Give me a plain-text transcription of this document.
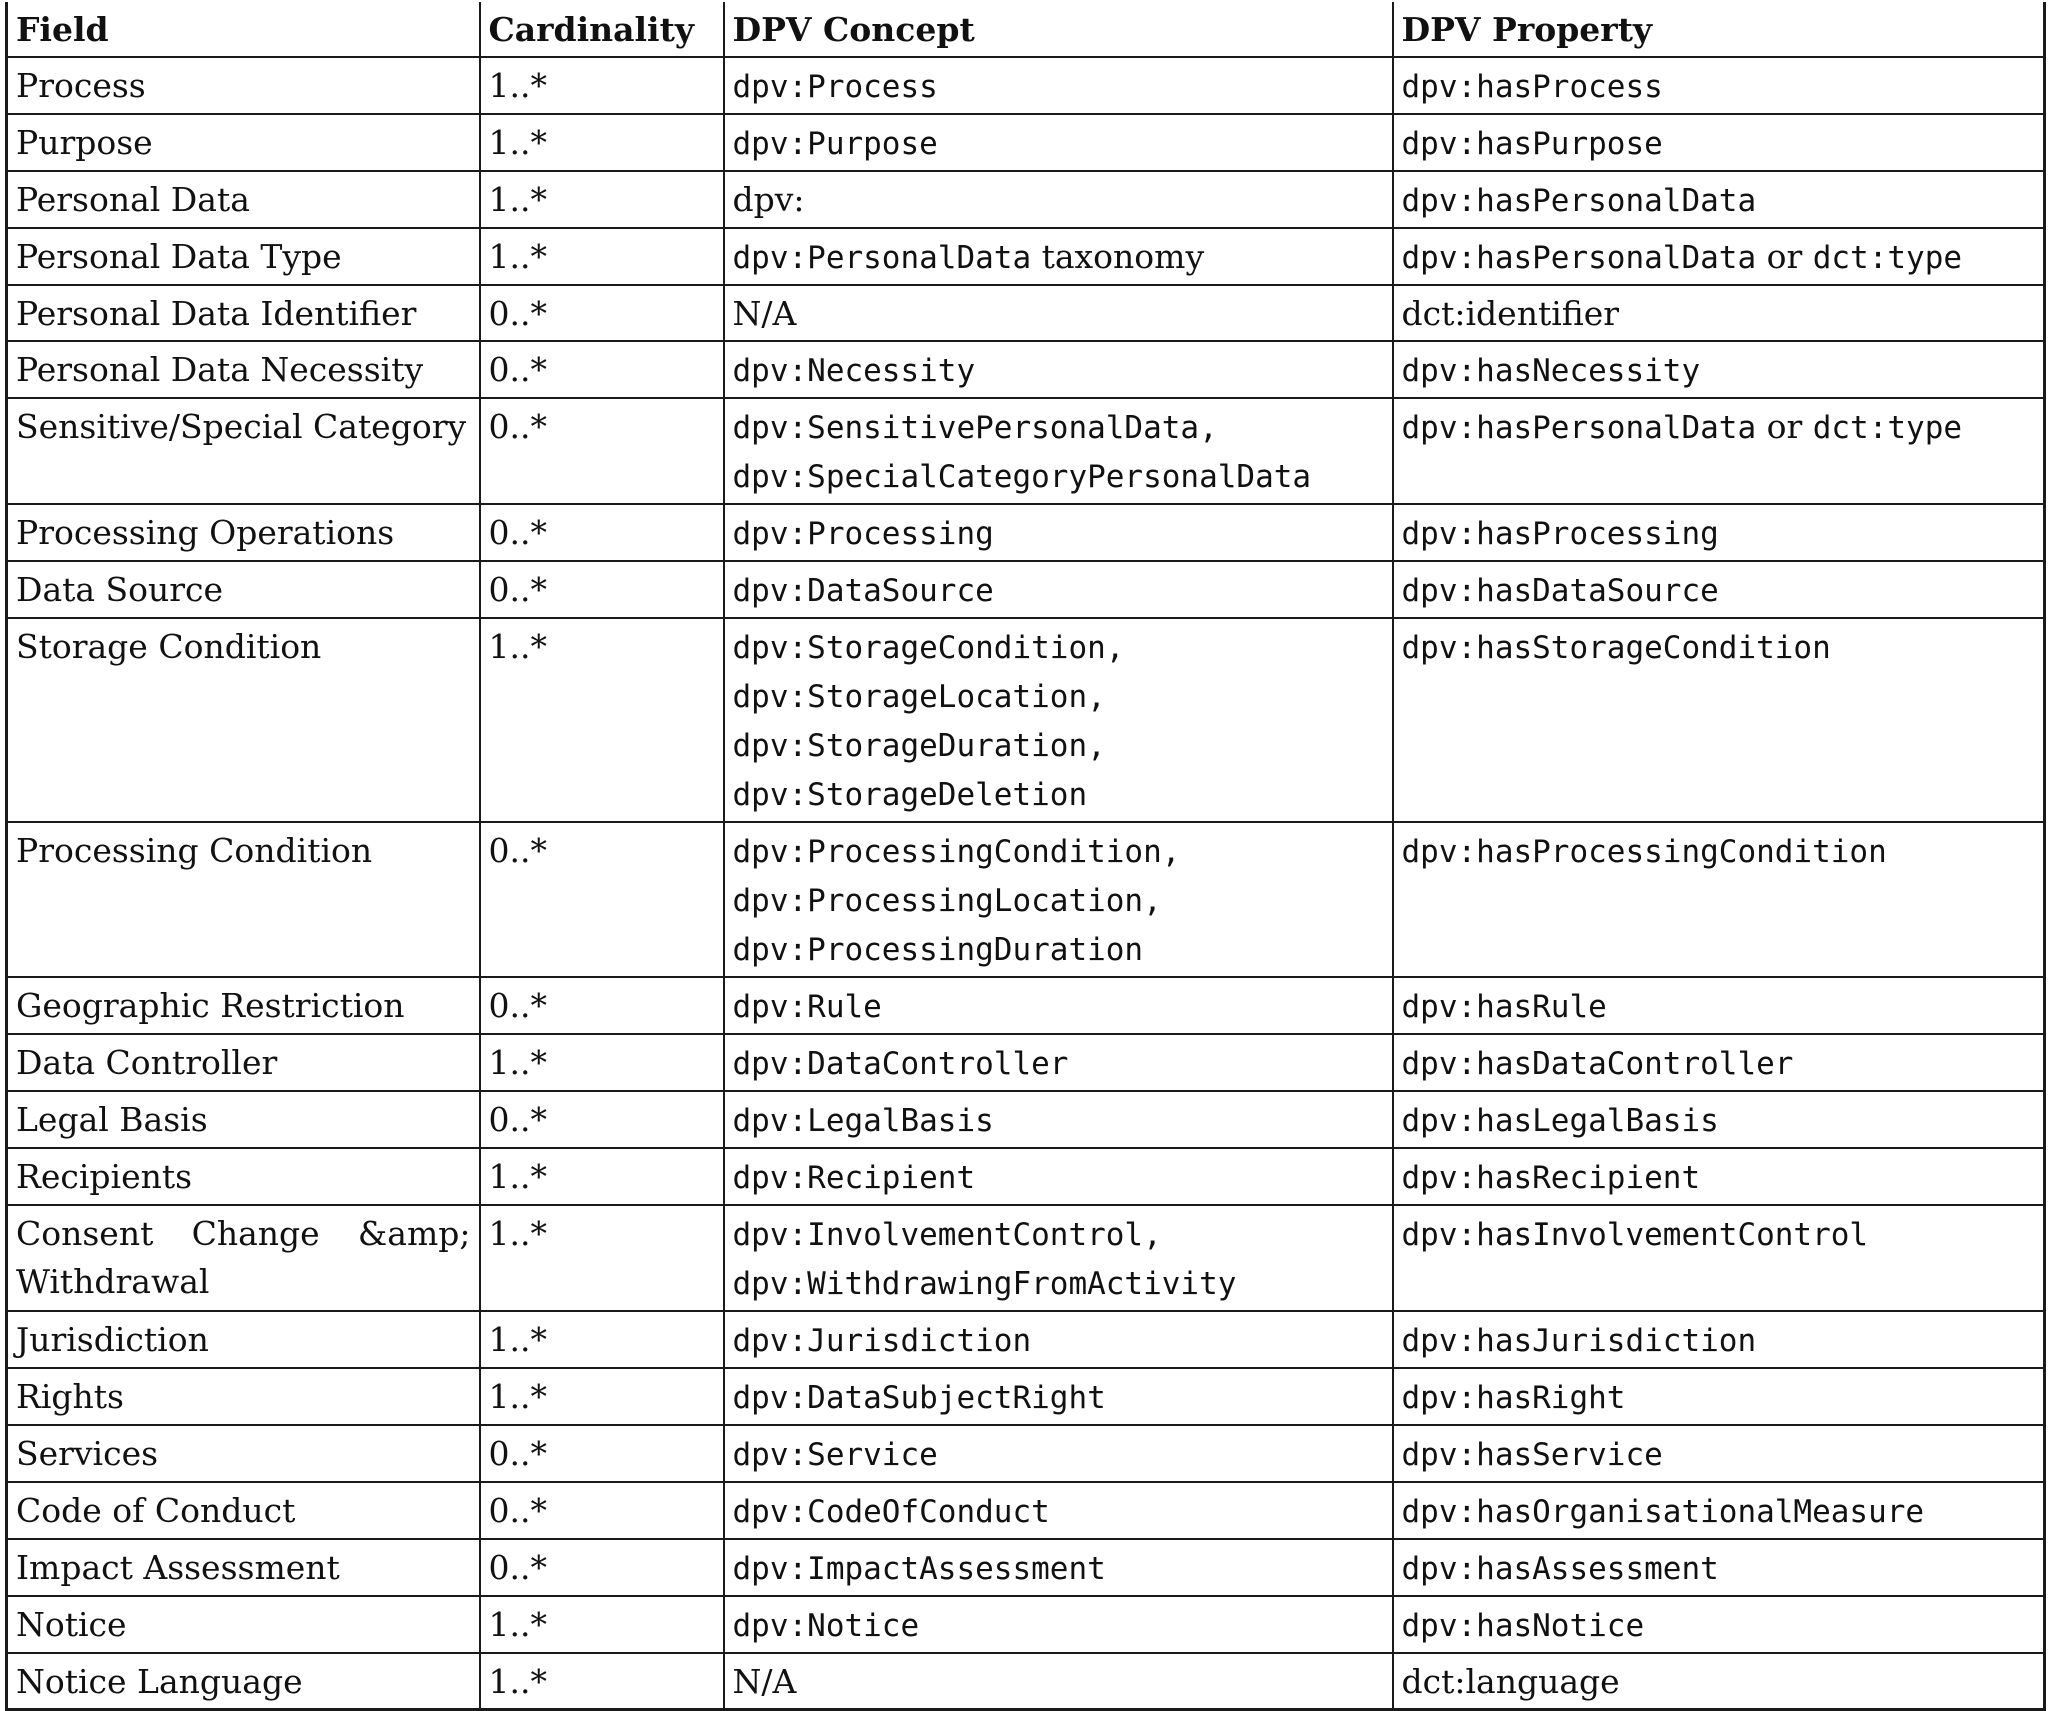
Field	Cardinality	DPV Concept	DPV Property
Process	1..*	dpv:Process	dpv:hasProcess

Purpose	1..*	dpv:Purpose	dpv:hasPurpose

Personal Data	1..*	dpv:	dpv:hasPersonalData

Personal Data Type	1..*	dpv:PersonalData taxonomy	dpv:hasPersonalData or dct:type

Personal Data Identifier	0..*	N/A	dct:identifier

Personal Data Necessity	0..*	dpv:Necessity	dpv:hasNecessity

Sensitive/Special Category	0..*	dpv:SensitivePersonalData,
dpv:SpecialCategoryPersonalData	dpv:hasPersonalData or dct:type

Processing Operations	0..*	dpv:Processing	dpv:hasProcessing

Data Source	0..*	dpv:DataSource	dpv:hasDataSource

Storage Condition	1..*	dpv:StorageCondition,
dpv:StorageLocation,
dpv:StorageDuration,
dpv:StorageDeletion	dpv:hasStorageCondition

Processing Condition	0..*	dpv:ProcessingCondition,
dpv:ProcessingLocation,
dpv:ProcessingDuration	dpv:hasProcessingCondition

Geographic Restriction	0..*	dpv:Rule	dpv:hasRule

Data Controller	1..*	dpv:DataController	dpv:hasDataController

Legal Basis	0..*	dpv:LegalBasis	dpv:hasLegalBasis

Recipients	1..*	dpv:Recipient	dpv:hasRecipient

Consent Change &amp; Withdrawal	1..*	dpv:InvolvementControl,
dpv:WithdrawingFromActivity	dpv:hasInvolvementControl

Jurisdiction	1..*	dpv:Jurisdiction	dpv:hasJurisdiction

Rights	1..*	dpv:DataSubjectRight	dpv:hasRight

Services	0..*	dpv:Service	dpv:hasService

Code of Conduct	0..*	dpv:CodeOfConduct	dpv:hasOrganisationalMeasure

Impact Assessment	0..*	dpv:ImpactAssessment	dpv:hasAssessment

Notice	1..*	dpv:Notice	dpv:hasNotice

Notice Language	1..*	N/A	dct:language
